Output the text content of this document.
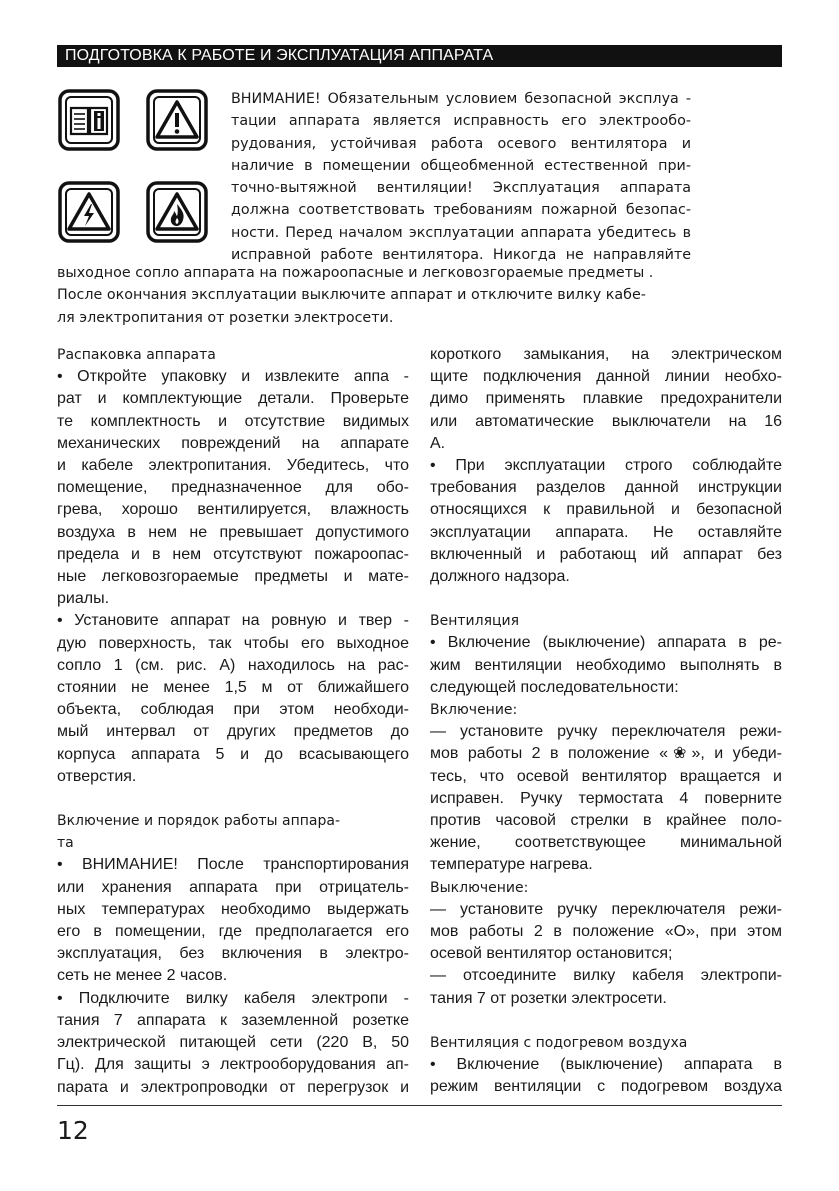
ПОДГОТОВКА К РАБОТЕ И ЭКСПЛУАТАЦИЯ АППАРАТА
ВНИМАНИЕ! Обязательным условием безопасной эксплуа -
тации аппарата является исправность его электрообо-
рудования, устойчивая работа осевого вентилятора и
наличие в помещении общеобменной естественной при-
точно-вытяжной вентиляции! Эксплуатация аппарата
должна соответствовать требованиям пожарной безопас-
ности. Перед началом эксплуатации аппарата убедитесь в
исправной работе вентилятора. Никогда не направляйте
выходное сопло аппарата на пожароопасные и легковозгораемые предметы .
После окончания эксплуатации выключите аппарат и отключите вилку кабе-
ля электропитания от розетки электросети.
Распаковка аппарата
• Откройте упаковку и извлеките аппа -
рат и комплектующие детали. Проверьте
те комплектность и отсутствие видимых
механических повреждений на аппарате
и кабеле электропитания. Убедитесь, что
помещение, предназначенное для обо-
грева, хорошо вентилируется, влажность
воздуха в нем не превышает допустимого
предела и в нем отсутствуют пожароопас-
ные легковозгораемые предметы и мате-
риалы.
• Установите аппарат на ровную и твер -
дую поверхность, так чтобы его выходное
сопло 1 (см. рис. А) находилось на рас-
стоянии не менее 1,5 м от ближайшего
объекта, соблюдая при этом необходи-
мый интервал от других предметов до
корпуса аппарата 5 и до всасывающего
отверстия.
Включение и порядок работы аппара-
та
• ВНИМАНИЕ! После транспортирования
или хранения аппарата при отрицатель-
ных температурах необходимо выдержать
его в помещении, где предполагается его
эксплуатация, без включения в электро-
сеть не менее 2 часов.
• Подключите вилку кабеля электропи -
тания 7 аппарата к заземленной розетке
электрической питающей сети (220 В, 50
Гц). Для защиты э лектрооборудования ап-
парата и электропроводки от перегрузок и
короткого замыкания, на электрическом
щите подключения данной линии необхо-
димо применять плавкие предохранители
или автоматические выключатели на 16
А.
• При эксплуатации строго соблюдайте
требования разделов данной инструкции
относящихся к правильной и безопасной
эксплуатации аппарата. Не оставляйте
включенный и работающ ий аппарат без
должного надзора.
Вентиляция
• Включение (выключение) аппарата в ре-
жим вентиляции необходимо выполнять в
следующей последовательности:
Включение:
— установите ручку переключателя режи-
мов работы 2 в положение «❀», и убеди-
тесь, что осевой вентилятор вращается и
исправен. Ручку термостата 4 поверните
против часовой стрелки в крайнее поло-
жение, соответствующее минимальной
температуре нагрева.
Выключение:
— установите ручку переключателя режи-
мов работы 2 в положение «О», при этом
осевой вентилятор остановится;
— отсоедините вилку кабеля электропи-
тания 7 от розетки электросети.
Вентиляция с подогревом воздуха
• Включение (выключение) аппарата в
режим вентиляции с подогревом воздуха
12
